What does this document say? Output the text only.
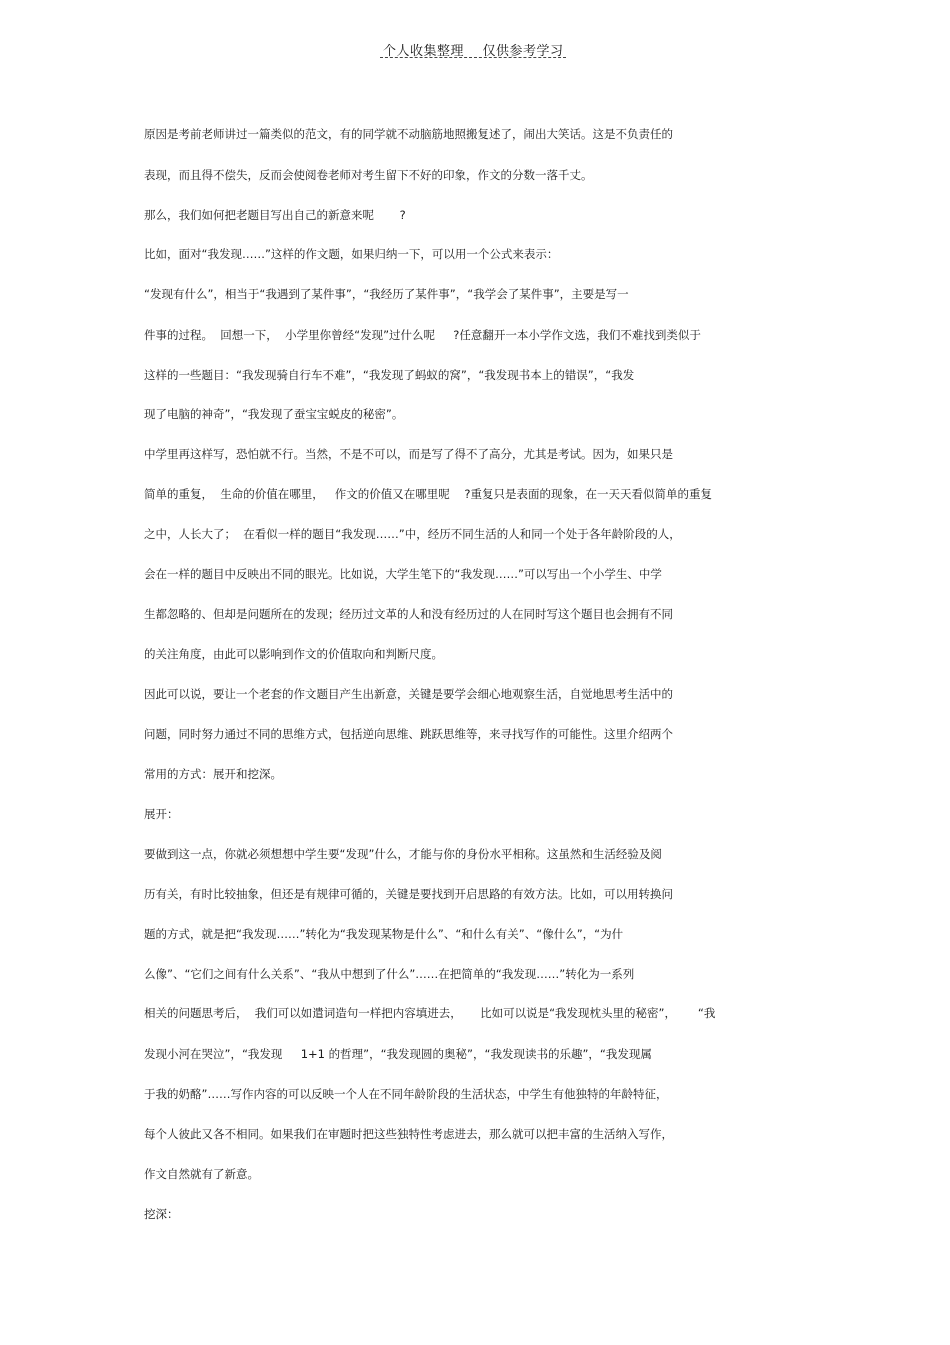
个人收集整理    仅供参考学习
原因是考前老师讲过一篇类似的范文，有的同学就不动脑筋地照搬复述了，闹出大笑话。这是不负责任的
表现，而且得不偿失，反而会使阅卷老师对考生留下不好的印象，作文的分数一落千丈。
那么，我们如何把老题目写出自己的新意来呢       ?
比如，面对“我发现……”这样的作文题，如果归纳一下，可以用一个公式来表示：
“发现有什么”，相当于“我遇到了某件事”，“我经历了某件事”，“我学会了某件事”，主要是写一
件事的过程。  回想一下，  小学里你曾经“发现”过什么呢     ?任意翻开一本小学作文选，我们不难找到类似于
这样的一些题目：“我发现骑自行车不难”，“我发现了蚂蚁的窝”，“我发现书本上的错误”，“我发
现了电脑的神奇”，“我发现了蚕宝宝蜕皮的秘密”。
中学里再这样写，恐怕就不行。当然，不是不可以，而是写了得不了高分，尤其是考试。因为，如果只是
简单的重复，  生命的价值在哪里，   作文的价值又在哪里呢    ?重复只是表面的现象，在一天天看似简单的重复
之中，人长大了；  在看似一样的题目“我发现……”中，经历不同生活的人和同一个处于各年龄阶段的人，
会在一样的题目中反映出不同的眼光。比如说，大学生笔下的“我发现……”可以写出一个小学生、中学
生都忽略的、但却是问题所在的发现；经历过文革的人和没有经历过的人在同时写这个题目也会拥有不同
的关注角度，由此可以影响到作文的价值取向和判断尺度。
因此可以说，要让一个老套的作文题目产生出新意，关键是要学会细心地观察生活，自觉地思考生活中的
问题，同时努力通过不同的思维方式，包括逆向思维、跳跃思维等，来寻找写作的可能性。这里介绍两个
常用的方式：展开和挖深。
展开：
要做到这一点，你就必须想想中学生要“发现”什么，才能与你的身份水平相称。这虽然和生活经验及阅
历有关，有时比较抽象，但还是有规律可循的，关键是要找到开启思路的有效方法。比如，可以用转换问
题的方式，就是把“我发现……”转化为“我发现某物是什么”、“和什么有关”、“像什么”，“为什
么像”、“它们之间有什么关系”、“我从中想到了什么”……在把简单的“我发现……”转化为一系列
相关的问题思考后，  我们可以如遣词造句一样把内容填进去，     比如可以说是“我发现枕头里的秘密”，      “我
发现小河在哭泣”，“我发现     1+1 的哲理”，“我发现圆的奥秘”，“我发现读书的乐趣”，“我发现属
于我的奶酪”……写作内容的可以反映一个人在不同年龄阶段的生活状态，中学生有他独特的年龄特征，
每个人彼此又各不相同。如果我们在审题时把这些独特性考虑进去，那么就可以把丰富的生活纳入写作，
作文自然就有了新意。
挖深：
